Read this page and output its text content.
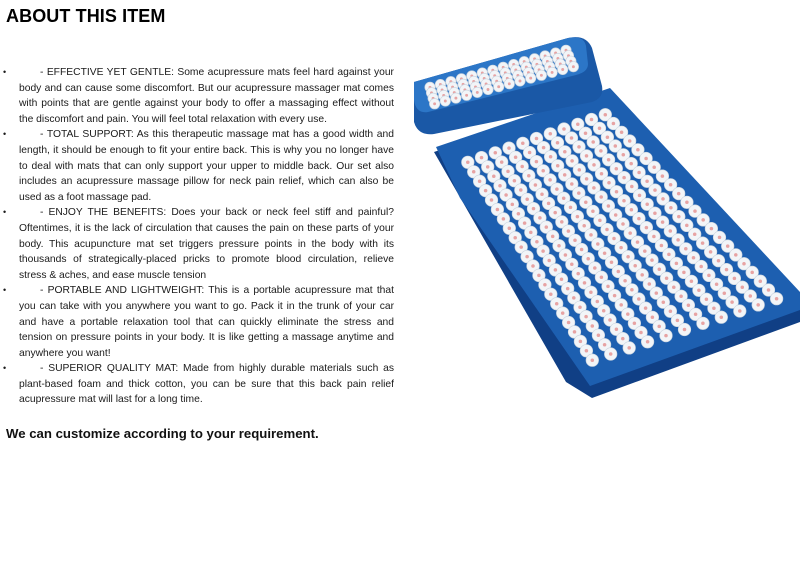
ABOUT THIS ITEM
•	- EFFECTIVE YET GENTLE: Some acupressure mats feel hard against your body and can cause some discomfort. But our acupressure massager mat comes with points that are gentle against your body to offer a massaging effect without the discomfort and pain. You will feel total relaxation with every use.
•	- TOTAL SUPPORT: As this therapeutic massage mat has a good width and length, it should be enough to fit your entire back. This is why you no longer have to deal with mats that can only support your upper to middle back. Our set also includes an acupressure massage pillow for neck pain relief, which can also be used as a foot massage pad.
•	- ENJOY THE BENEFITS: Does your back or neck feel stiff and painful? Oftentimes, it is the lack of circulation that causes the pain on these parts of your body. This acupuncture mat set triggers pressure points in the body with its thousands of strategically-placed pricks to promote blood circulation, relieve stress & aches, and ease muscle tension
•	- PORTABLE AND LIGHTWEIGHT: This is a portable acupressure mat that you can take with you anywhere you want to go. Pack it in the trunk of your car and have a portable relaxation tool that can quickly eliminate the stress and tension on pressure points in your body. It is like getting a massage anytime and anywhere you want!
•	- SUPERIOR QUALITY MAT: Made from highly durable materials such as plant-based foam and thick cotton, you can be sure that this back pain relief acupressure mat will last for a long time.

We can customize according to your requirement.
